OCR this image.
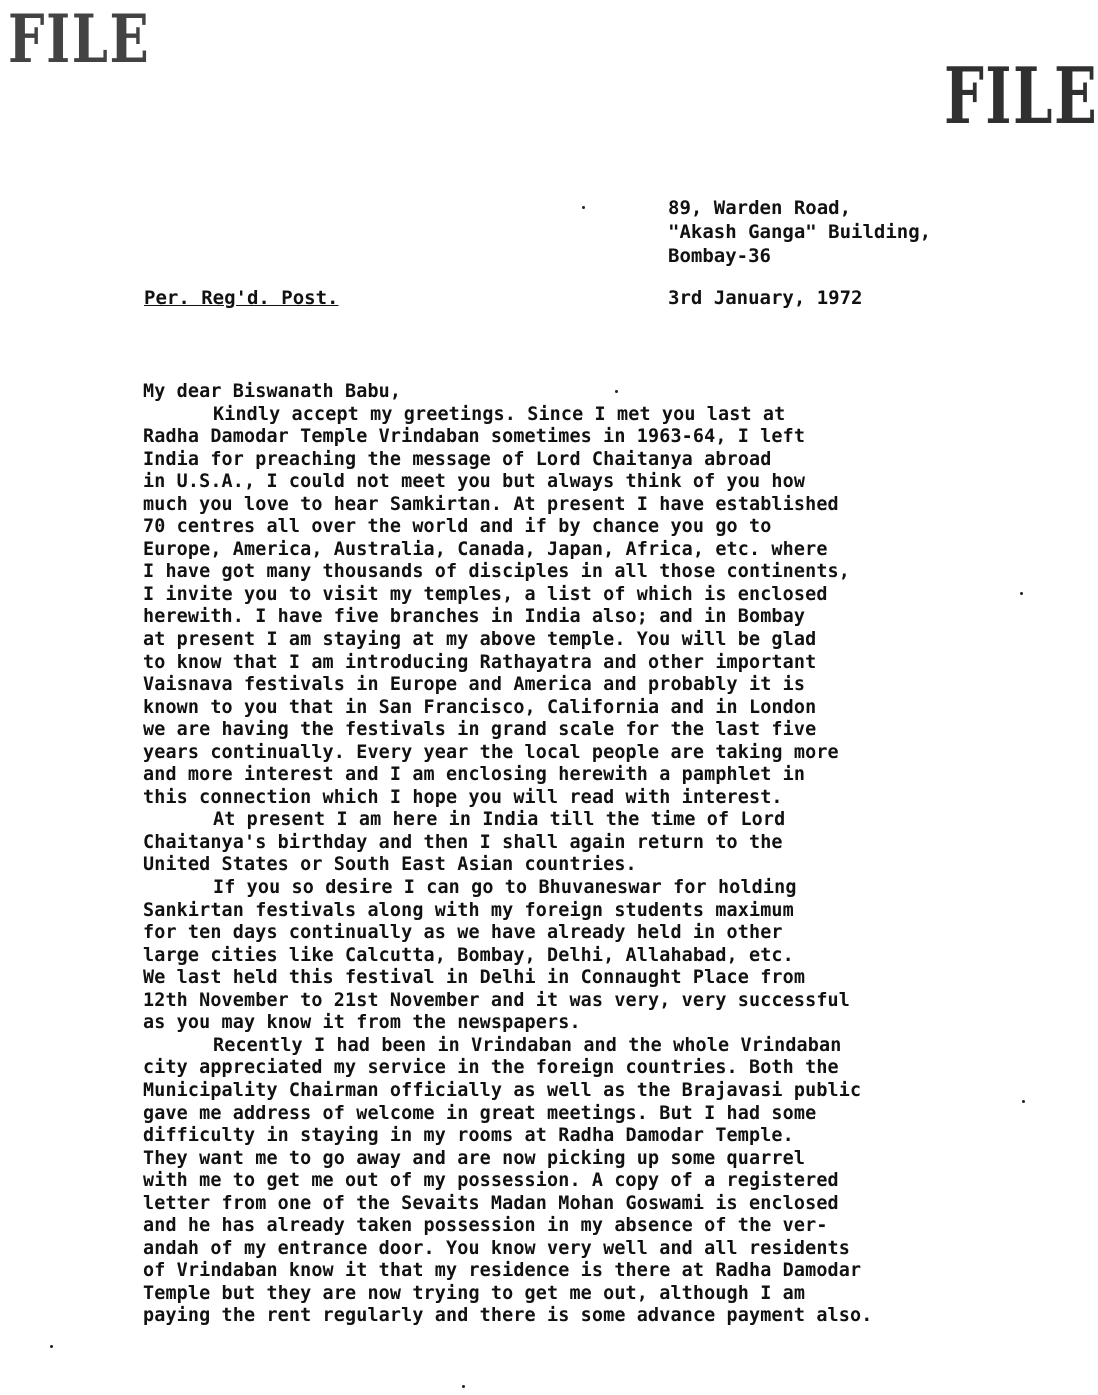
FILE
FILE
89, Warden Road,
"Akash Ganga" Building,
Bombay-36
Per. Reg'd. Post.	3rd January, 1972
My dear Biswanath Babu,
Kindly accept my greetings. Since I met you last at
Radha Damodar Temple Vrindaban sometimes in 1963-64, I left
India for preaching the message of Lord Chaitanya abroad
in U.S.A., I could not meet you but always think of you how
much you love to hear Samkirtan. At present I have established
70 centres all over the world and if by chance you go to
Europe, America, Australia, Canada, Japan, Africa, etc. where
I have got many thousands of disciples in all those continents,
I invite you to visit my temples, a list of which is enclosed
herewith. I have five branches in India also; and in Bombay
at present I am staying at my above temple. You will be glad
to know that I am introducing Rathayatra and other important
Vaisnava festivals in Europe and America and probably it is
known to you that in San Francisco, California and in London
we are having the festivals in grand scale for the last five
years continually. Every year the local people are taking more
and more interest and I am enclosing herewith a pamphlet in
this connection which I hope you will read with interest.
At present I am here in India till the time of Lord
Chaitanya's birthday and then I shall again return to the
United States or South East Asian countries.
If you so desire I can go to Bhuvaneswar for holding
Sankirtan festivals along with my foreign students maximum
for ten days continually as we have already held in other
large cities like Calcutta, Bombay, Delhi, Allahabad, etc.
We last held this festival in Delhi in Connaught Place from
12th November to 21st November and it was very, very successful
as you may know it from the newspapers.
Recently I had been in Vrindaban and the whole Vrindaban
city appreciated my service in the foreign countries. Both the
Municipality Chairman officially as well as the Brajavasi public
gave me address of welcome in great meetings. But I had some
difficulty in staying in my rooms at Radha Damodar Temple.
They want me to go away and are now picking up some quarrel
with me to get me out of my possession. A copy of a registered
letter from one of the Sevaits Madan Mohan Goswami is enclosed
and he has already taken possession in my absence of the ver-
andah of my entrance door. You know very well and all residents
of Vrindaban know it that my residence is there at Radha Damodar
Temple but they are now trying to get me out, although I am
paying the rent regularly and there is some advance payment also.
